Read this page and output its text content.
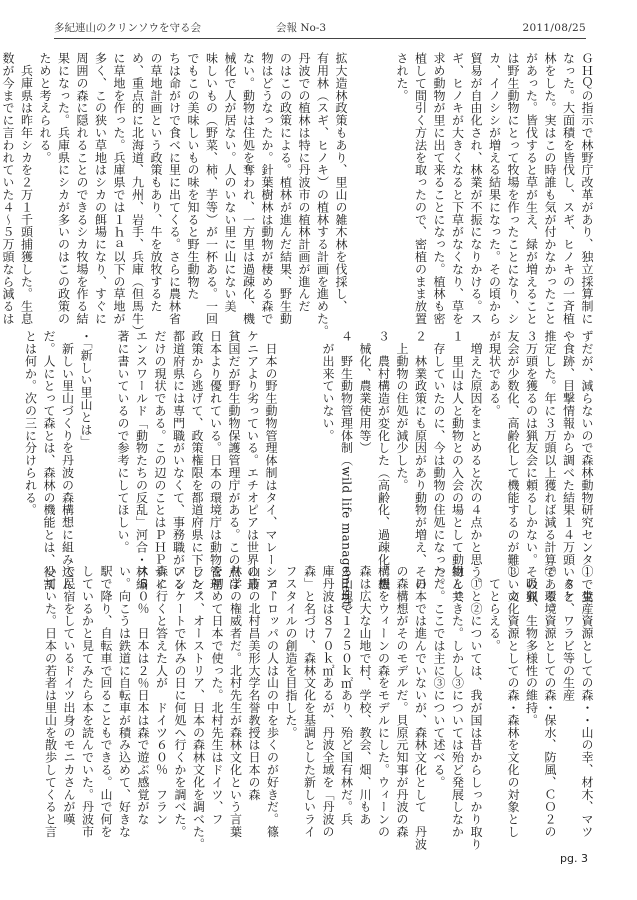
多紀連山のクリンソウを守る会	会報 No-3	2011/08/25
ＧＨＱの指示で林野庁改革があり、独立採算制に
なった。大面積を皆伐し、スギ、ヒノキの一斉植
林をした。実はこの時誰も気が付かなかったこと
があった。皆伐すると草が生え、緑が増えること
は野生動物にとって牧場を作ったことになり、シ
カ、イノシシが増える結果になった。その頃から
貿易が自由化され、林業が不振になりかける。ス
ギ、ヒノキが大きくなると下草がなくなり、草を
求め動物が里に出て来ることになった。植林も密
植して間引く方法を取ったので、密植のまま放置
された。
拡大造林政策もあり、里山の雑木林を伐採し、
有用林（スギ、ヒノキ）の植林する計画を進めた。
丹波での植林は特に丹波市の植林計画が進んだ
のはこの政策による。植林が進んだ結果、野生動
物はどうなったか。針葉樹林は動物が棲める森で
ない。動物は住処を奪われ、一方里は過疎化、機
械化で人が居ない。人のいない里に山にない美
味しいもの（野菜、柿、芋等）が一杯ある。一回
でもこの美味しいもの味を知ると野生動物た
ちは命がけで食べに里に出てくる。さらに農林省
の草地計画という政策もあり、牛を放牧するた
め、重点的に北海道、九州、岩手、兵庫（但馬牛）
に草地を作った。兵庫県では１ｈａ以下の草地が
多く、この狭い草地はシカの餌場になり、すぐに
周囲の森に隠れることのできるシカ牧場を作る結
果になった。兵庫県にシカが多いのはこの政策の
ためと考えられる。
　兵庫県は昨年シカを２万１千頭捕獲した。生息
数が今までに言われていた４～５万頭なら減るは
ずだが、減らないので森林動物研究センターで糞
や食跡、目撃情報から調べた結果１４万頭いると
推定した。年に３万頭以上獲れば減る計算である。
３万頭を獲るのは猟友会に頼るしかない。その猟
友会が少数化、高齢化して機能するのが難しいの
が現状である。
　増えた原因をまとめると次の４点かと思う。
１　里山は人と動物との入会の場として動物と共
　存していたのに、今は動物の住処になった。
２　林業政策にも原因があり動物が増え、その
　上動物の住処が減少した。
３　農村構造が変化した（高齢化、過疎化、機
　械化、農業使用等）
４　野生動物管理体制（wild life management）
　が出来ていない。
　日本の野生動物管理体制はタイ、マレーシア、
ケニアより劣っている。エチオピアは世界の最
貧国だが野生動物保護管理庁がある。この点は
日本より優れている。日本の環境庁は動物管理
政策から逃げて、政策権限を都道府県に下した。
都道府県には専門職がいなくて、事務職がいる
だけの現状である。この辺のことはＰＨＰサイ
エンスワールド「動物たちの反乱」河合・林編
著に書いているので参考にしてほしい。

・「新しい里山とは」
　新しい里山づくりを丹波の森構想に組み込ん
だ。人にとって森とは、森林の機能とは、役割
とは何か。次の三に分けられる。
①　生産資源としての森・・山の幸、材木、マツ
　タケ、ワラビ等の生産
②　環境資源としての森・保水、防風、ＣＯ２の
　吸収、生物多様性の維持。
③　文化資源としての森・森林を文化の対象とし
　てとらえる。
　①と②については、我が国は昔からしっかり取り
組んできた。しかし③については殆ど発展しなか
った。ここでは主に③について述べる。
　日本では進んでいないが、森林文化として　丹波
の森構想がそのモデルだ。貝原元知事が丹波の森
構想をウィーンの森をモデルにした。ウィーンの
森は広大な山地で村、学校、教会、畑、川もあ
る山塊で１２５０ｋ㎡あり、殆ど国有林だ。兵
庫丹波は８７０ｋ㎡あるが、丹波全域を「丹波の
森」と名づけ、森林文化を基調とした新しいライ
フスタイルの創造を目指した。
　ヨーロッパの人は山の中を歩くのが好きだ。篠
山市の北村昌美形大学名誉教授は日本の森
林学の権威者だ。北村先生が森林文化という言葉
を初めて日本で使った。北村先生はドイツ、フ
ランス、オーストリア、日本の森林文化を調べた。
アンケートで休みの日に何処へ行くかを調べた。
森に行くと答えた人が　ドイツ６０％　フラン
ス５０％　日本は２％日本は森で遊ぶ感覚がな
い。向こうは鉄道に自転車が積み込めて、好きな
駅で降り、自転車で回ることもできる。山で何を
しているかと見てみたら本を読んでいた。丹波市
で民宿をしているドイツ出身のモニカさんが嘆
いていた。日本の若者は里山を散歩してくると言
pg. 3
